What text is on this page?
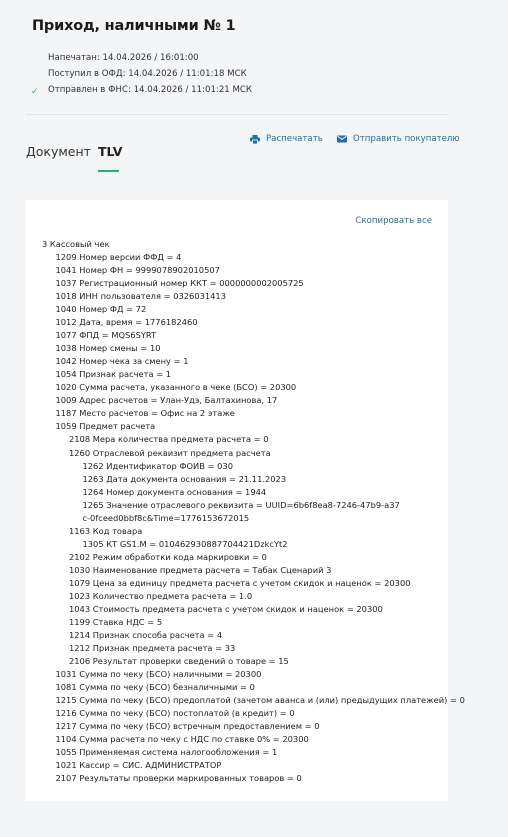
Приход, наличными № 1
Напечатан: 14.04.2026 / 16:01:00
Поступил в ОФД: 14.04.2026 / 11:01:18 МСК
✓ Отправлен в ФНС: 14.04.2026 / 11:01:21 МСК
Документ TLV
Распечатать	Отправить покупателю
Скопировать все
3 Кассовый чек
1209 Номер версии ФФД = 4
1041 Номер ФН = 9999078902010507
1037 Регистрационный номер ККТ = 0000000002005725
1018 ИНН пользователя = 0326031413
1040 Номер ФД = 72
1012 Дата, время = 1776182460
1077 ФПД = MQS6SYRT
1038 Номер смены = 10
1042 Номер чека за смену = 1
1054 Признак расчета = 1
1020 Сумма расчета, указанного в чеке (БСО) = 20300
1009 Адрес расчетов = Улан-Удэ, Балтахинова, 17
1187 Место расчетов = Офис на 2 этаже
1059 Предмет расчета
2108 Мера количества предмета расчета = 0
1260 Отраслевой реквизит предмета расчета
1262 Идентификатор ФОИВ = 030
1263 Дата документа основания = 21.11.2023
1264 Номер документа основания = 1944
1265 Значение отраслевого реквизита = UUID=6b6f8ea8-7246-47b9-a37c-0fceed0bbf8c&Time=1776153672015
1163 Код товара
1305 КТ GS1.M = 010462930887704421DzkcYt2
2102 Режим обработки кода маркировки = 0
1030 Наименование предмета расчета = Табак Сценарий 3
1079 Цена за единицу предмета расчета с учетом скидок и наценок = 20300
1023 Количество предмета расчета = 1.0
1043 Стоимость предмета расчета с учетом скидок и наценок = 20300
1199 Ставка НДС = 5
1214 Признак способа расчета = 4
1212 Признак предмета расчета = 33
2106 Результат проверки сведений о товаре = 15
1031 Сумма по чеку (БСО) наличными = 20300
1081 Сумма по чеку (БСО) безналичными = 0
1215 Сумма по чеку (БСО) предоплатой (зачетом аванса и (или) предыдущих платежей) = 0
1216 Сумма по чеку (БСО) постоплатой (в кредит) = 0
1217 Сумма по чеку (БСО) встречным предоставлением = 0
1104 Сумма расчета по чеку с НДС по ставке 0% = 20300
1055 Применяемая система налогообложения = 1
1021 Кассир = СИС. АДМИНИСТРАТОР
2107 Результаты проверки маркированных товаров = 0
